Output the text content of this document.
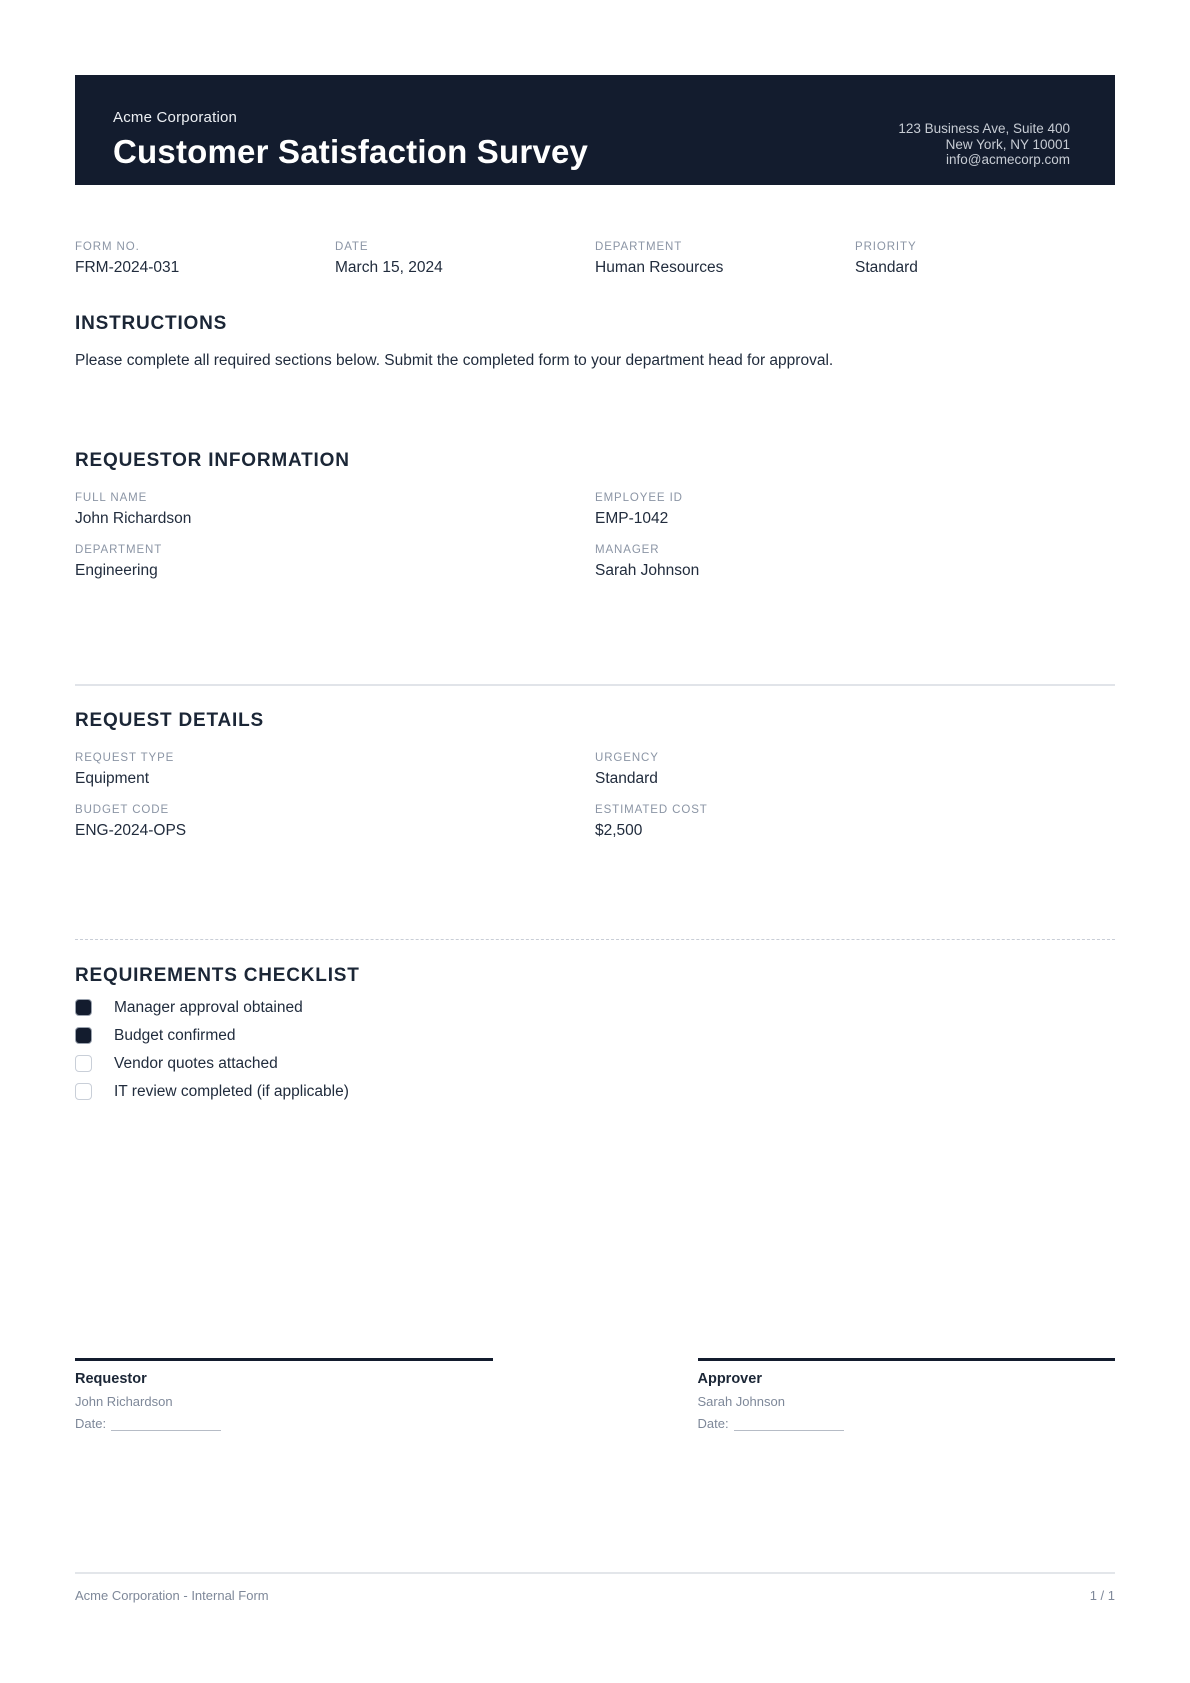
Acme Corporation
Customer Satisfaction Survey
123 Business Ave, Suite 400
New York, NY 10001
info@acmecorp.com
FORM NO.
FRM-2024-031
DATE
March 15, 2024
DEPARTMENT
Human Resources
PRIORITY
Standard
INSTRUCTIONS
Please complete all required sections below. Submit the completed form to your department head for approval.
REQUESTOR INFORMATION
FULL NAME
John Richardson
EMPLOYEE ID
EMP-1042
DEPARTMENT
Engineering
MANAGER
Sarah Johnson
REQUEST DETAILS
REQUEST TYPE
Equipment
URGENCY
Standard
BUDGET CODE
ENG-2024-OPS
ESTIMATED COST
$2,500
REQUIREMENTS CHECKLIST
Manager approval obtained
Budget confirmed
Vendor quotes attached
IT review completed (if applicable)
Requestor
John Richardson
Date:
Approver
Sarah Johnson
Date:
Acme Corporation - Internal Form	1 / 1
